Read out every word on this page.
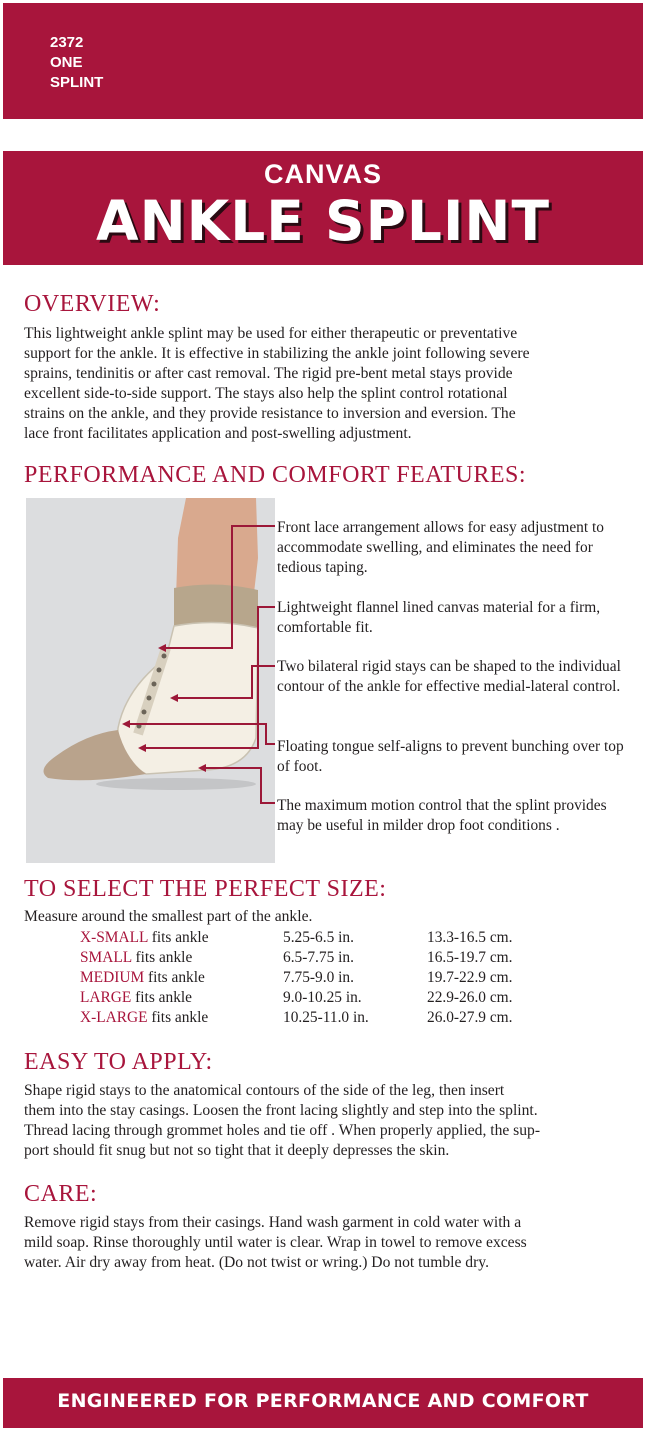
2372
ONE
SPLINT
CANVAS
ANKLE SPLINT
OVERVIEW:

This lightweight ankle splint may be used for either therapeutic or preventative

support for the ankle. It is effective in stabilizing the ankle joint following severe

sprains, tendinitis or after cast removal. The rigid pre-bent metal stays provide

excellent side-to-side support. The stays also help the splint control rotational

strains on the ankle, and they provide resistance to inversion and eversion. The

lace front facilitates application and post-swelling adjustment.

PERFORMANCE AND COMFORT FEATURES:
Front lace arrangement allows for easy adjustment to accommodate swelling, and eliminates the need for tedious taping.
Lightweight flannel lined canvas material for a firm, comfortable fit.
Two bilateral rigid stays can be shaped to the individual contour of the ankle for effective medial-lateral control.
Floating tongue self-aligns to prevent bunching over top of foot.
The maximum motion control that the splint provides may be useful in milder drop foot conditions .
TO SELECT THE PERFECT SIZE:
Measure around the smallest part of the ankle.
X-SMALL fits ankle	5.25-6.5 in.	13.3-16.5 cm.
SMALL fits ankle	6.5-7.75 in.	16.5-19.7 cm.
MEDIUM fits ankle	7.75-9.0 in.	19.7-22.9 cm.
LARGE fits ankle	9.0-10.25 in.	22.9-26.0 cm.
X-LARGE fits ankle	10.25-11.0 in.	26.0-27.9 cm.
EASY TO APPLY:

Shape rigid stays to the anatomical contours of the side of the leg, then insert

them into the stay casings. Loosen the front lacing slightly and step into the splint.

Thread lacing through grommet holes and tie off . When properly applied, the sup-

port should fit snug but not so tight that it deeply depresses the skin.

CARE:

Remove rigid stays from their casings. Hand wash garment in cold water with a

mild soap. Rinse thoroughly until water is clear. Wrap in towel to remove excess

water. Air dry away from heat. (Do not twist or wring.) Do not tumble dry.

ENGINEERED FOR PERFORMANCE AND COMFORT
